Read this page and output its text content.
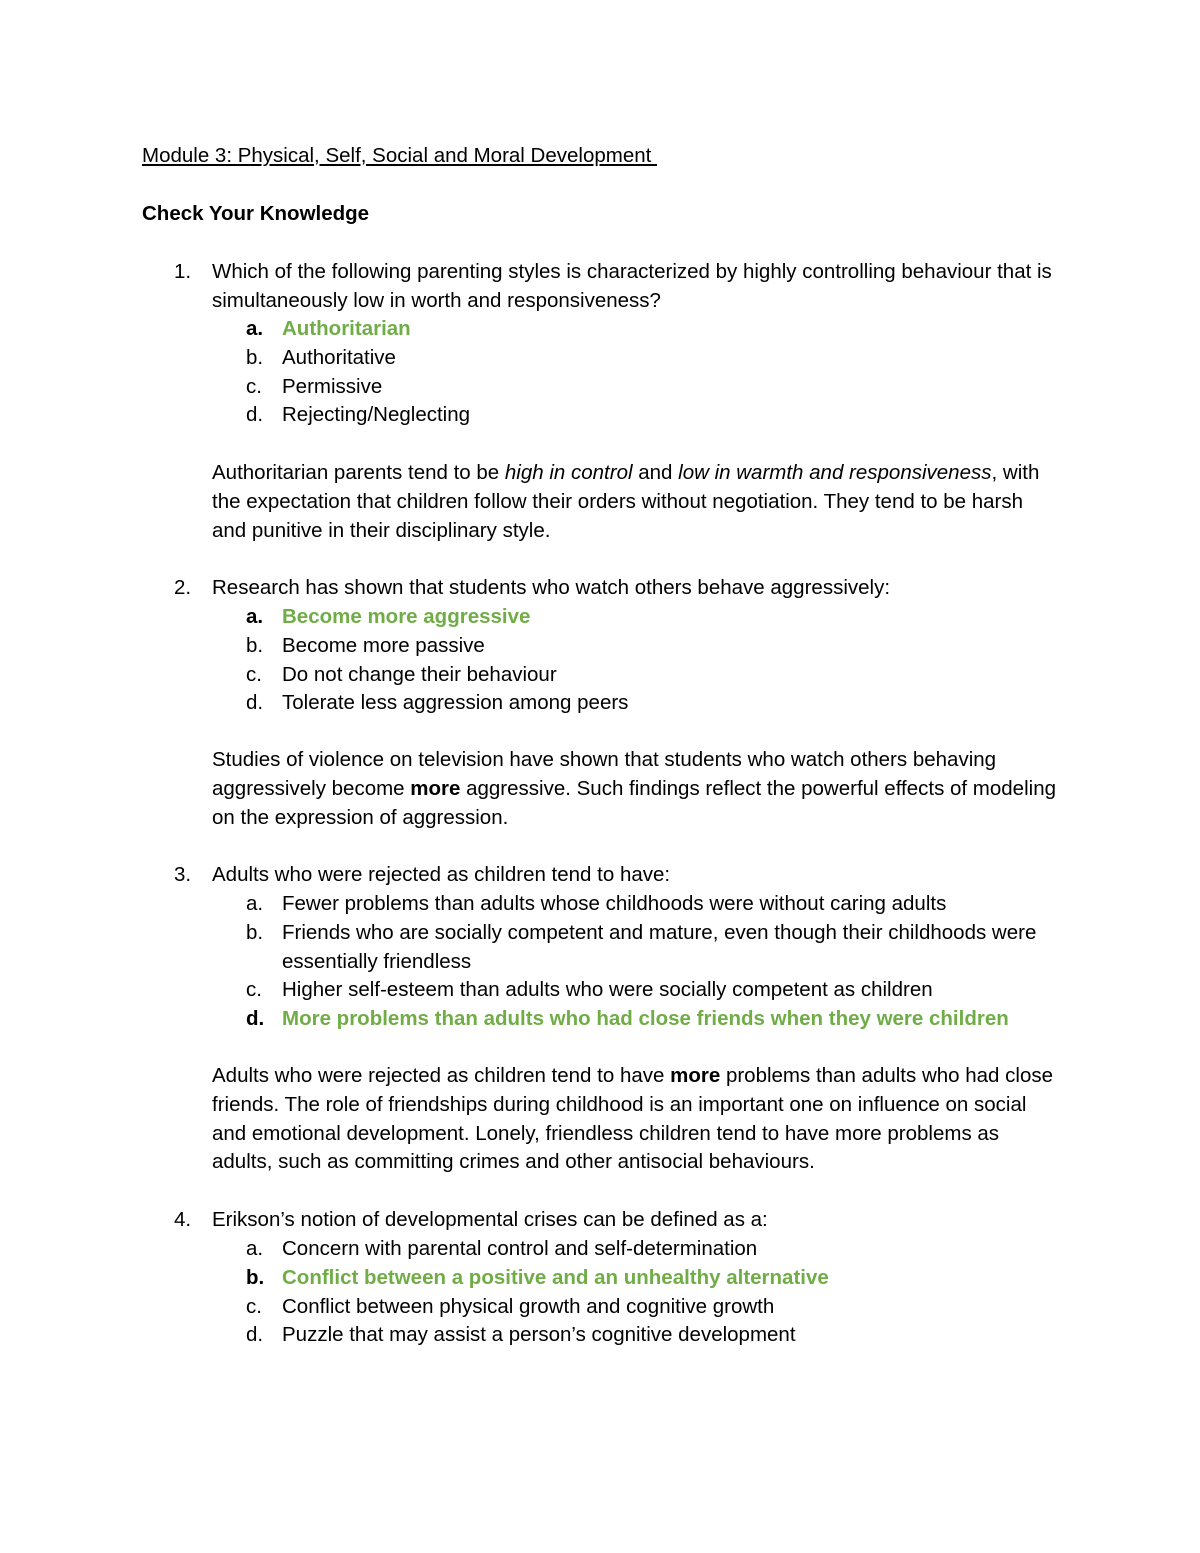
Module 3: Physical, Self, Social and Moral Development
Check Your Knowledge
1. Which of the following parenting styles is characterized by highly controlling behaviour that is simultaneously low in worth and responsiveness?
a. Authoritarian
b. Authoritative
c. Permissive
d. Rejecting/Neglecting
Authoritarian parents tend to be high in control and low in warmth and responsiveness, with the expectation that children follow their orders without negotiation. They tend to be harsh and punitive in their disciplinary style.
2. Research has shown that students who watch others behave aggressively:
a. Become more aggressive
b. Become more passive
c. Do not change their behaviour
d. Tolerate less aggression among peers
Studies of violence on television have shown that students who watch others behaving aggressively become more aggressive. Such findings reflect the powerful effects of modeling on the expression of aggression.
3. Adults who were rejected as children tend to have:
a. Fewer problems than adults whose childhoods were without caring adults
b. Friends who are socially competent and mature, even though their childhoods were essentially friendless
c. Higher self-esteem than adults who were socially competent as children
d. More problems than adults who had close friends when they were children
Adults who were rejected as children tend to have more problems than adults who had close friends. The role of friendships during childhood is an important one on influence on social and emotional development. Lonely, friendless children tend to have more problems as adults, such as committing crimes and other antisocial behaviours.
4. Erikson’s notion of developmental crises can be defined as a:
a. Concern with parental control and self-determination
b. Conflict between a positive and an unhealthy alternative
c. Conflict between physical growth and cognitive growth
d. Puzzle that may assist a person’s cognitive development
